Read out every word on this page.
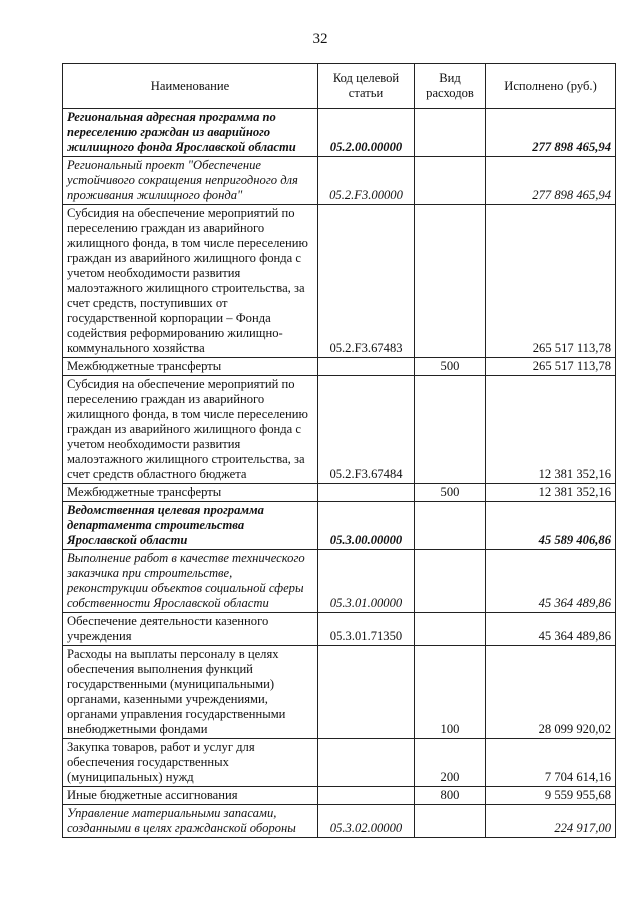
32
Наименование	Код целевой статьи	Вид расходов	Исполнено (руб.)
Региональная адресная программа по переселению граждан из аварийного жилищного фонда Ярославской области	05.2.00.00000		277 898 465,94
Региональный проект "Обеспечение устойчивого сокращения непригодного для проживания жилищного фонда"	05.2.F3.00000		277 898 465,94
Субсидия на обеспечение мероприятий по переселению граждан из аварийного жилищного фонда, в том числе переселению граждан из аварийного жилищного фонда с учетом необходимости развития малоэтажного жилищного строительства, за счет средств, поступивших от государственной корпорации – Фонда содействия реформированию жилищно-коммунального хозяйства	05.2.F3.67483		265 517 113,78
Межбюджетные трансферты		500	265 517 113,78
Субсидия на обеспечение мероприятий по переселению граждан из аварийного жилищного фонда, в том числе переселению граждан из аварийного жилищного фонда с учетом необходимости развития малоэтажного жилищного строительства, за счет средств областного бюджета	05.2.F3.67484		12 381 352,16
Межбюджетные трансферты		500	12 381 352,16
Ведомственная целевая программа департамента строительства Ярославской области	05.3.00.00000		45 589 406,86
Выполнение работ в качестве технического заказчика при строительстве, реконструкции объектов социальной сферы собственности Ярославской области	05.3.01.00000		45 364 489,86
Обеспечение деятельности казенного учреждения	05.3.01.71350		45 364 489,86
Расходы на выплаты персоналу в целях обеспечения выполнения функций государственными (муниципальными) органами, казенными учреждениями, органами управления государственными внебюджетными фондами		100	28 099 920,02
Закупка товаров, работ и услуг для обеспечения государственных (муниципальных) нужд		200	7 704 614,16
Иные бюджетные ассигнования		800	9 559 955,68
Управление материальными запасами, созданными в целях гражданской обороны	05.3.02.00000		224 917,00
